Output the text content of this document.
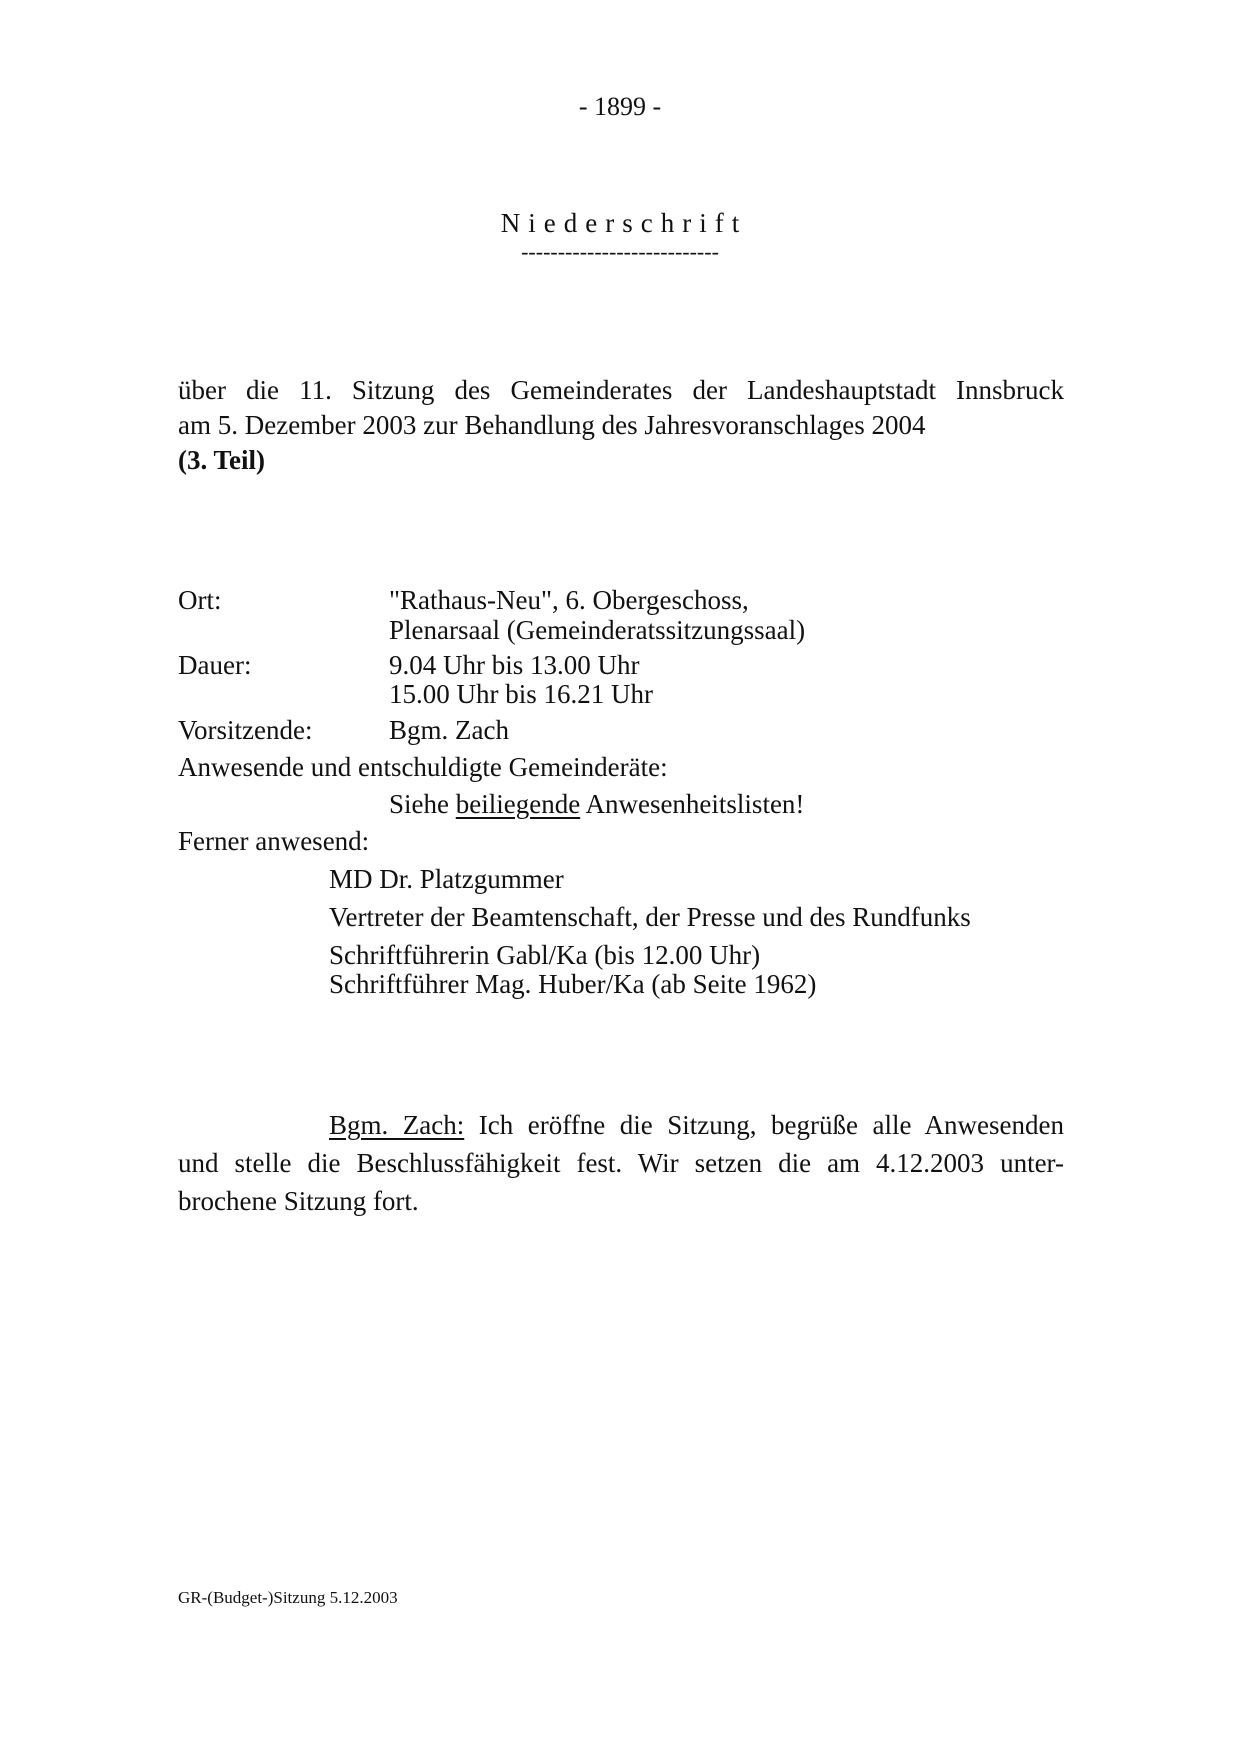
- 1899 -
Niederschrift
---------------------------
über die 11. Sitzung des Gemeinderates der Landeshauptstadt Innsbruck
am 5. Dezember 2003 zur Behandlung des Jahresvoranschlages 2004
(3. Teil)
Ort:	"Rathaus-Neu", 6. Obergeschoss,
Plenarsaal (Gemeinderatssitzungssaal)
Dauer:	9.04 Uhr bis 13.00 Uhr
15.00 Uhr bis 16.21 Uhr
Vorsitzende:	Bgm. Zach
Anwesende und entschuldigte Gemeinderäte:
Siehe beiliegende Anwesenheitslisten!
Ferner anwesend:
MD Dr. Platzgummer
Vertreter der Beamtenschaft, der Presse und des Rundfunks
Schriftführerin Gabl/Ka (bis 12.00 Uhr)
Schriftführer Mag. Huber/Ka (ab Seite 1962)
Bgm. Zach: Ich eröffne die Sitzung, begrüße alle Anwesenden
und stelle die Beschlussfähigkeit fest. Wir setzen die am 4.12.2003 unter-
brochene Sitzung fort.
GR-(Budget-)Sitzung 5.12.2003
